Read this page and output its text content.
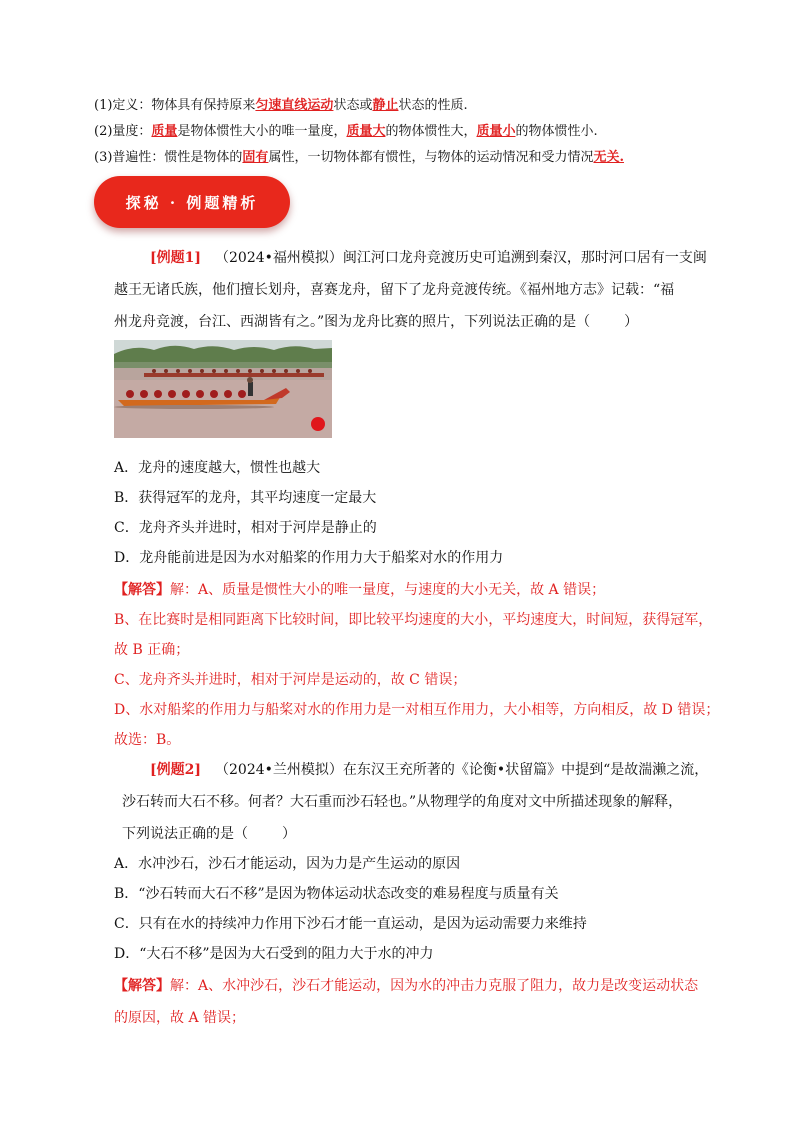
(1)定义：物体具有保持原来匀速直线运动状态或静止状态的性质.
(2)量度：质量是物体惯性大小的唯一量度，质量大的物体惯性大，质量小的物体惯性小.
(3)普遍性：惯性是物体的固有属性，一切物体都有惯性，与物体的运动情况和受力情况无关.
探秘 · 例题精析
[例题1] （2024•福州模拟）闽江河口龙舟竞渡历史可追溯到秦汉，那时河口居有一支闽
越王无诸氏族，他们擅长划舟，喜赛龙舟，留下了龙舟竞渡传统。《福州地方志》记载：“福
州龙舟竞渡，台江、西湖皆有之。”图为龙舟比赛的照片，下列说法正确的是（ ）
A．龙舟的速度越大，惯性也越大
B．获得冠军的龙舟，其平均速度一定最大
C．龙舟齐头并进时，相对于河岸是静止的
D．龙舟能前进是因为水对船桨的作用力大于船桨对水的作用力
【解答】解：A、质量是惯性大小的唯一量度，与速度的大小无关，故 A 错误；
B、在比赛时是相同距离下比较时间，即比较平均速度的大小，平均速度大，时间短，获得冠军，
故 B 正确；
C、龙舟齐头并进时，相对于河岸是运动的，故 C 错误；
D、水对船桨的作用力与船桨对水的作用力是一对相互作用力，大小相等，方向相反，故 D 错误；
故选：B。
[例题2] （2024•兰州模拟）在东汉王充所著的《论衡•状留篇》中提到“是故湍濑之流，
沙石转而大石不移。何者？大石重而沙石轻也。”从物理学的角度对文中所描述现象的解释，
下列说法正确的是（ ）
A．水冲沙石，沙石才能运动，因为力是产生运动的原因
B．“沙石转而大石不移”是因为物体运动状态改变的难易程度与质量有关
C．只有在水的持续冲力作用下沙石才能一直运动，是因为运动需要力来维持
D．“大石不移”是因为大石受到的阻力大于水的冲力
【解答】解：A、水冲沙石，沙石才能运动，因为水的冲击力克服了阻力，故力是改变运动状态
的原因，故 A 错误；
